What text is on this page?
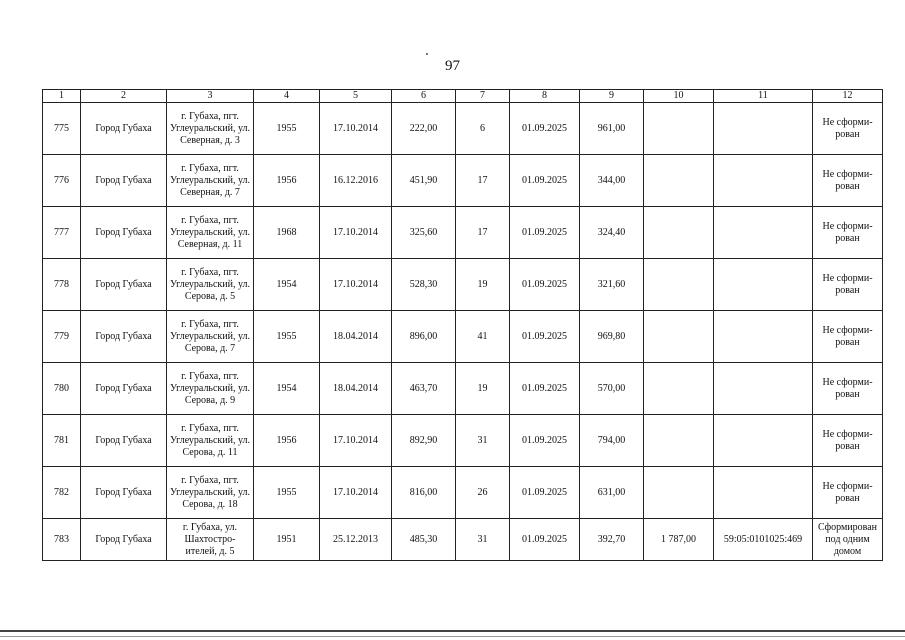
97
1	2	3	4	5	6	7	8	9	10	11	12
775	Город Губаха	г. Губаха, пгт. Углеуральский, ул. Северная, д. 3	1955	17.10.2014	222,00	6	01.09.2025	961,00			Не сформи-рован
776	Город Губаха	г. Губаха, пгт. Углеуральский, ул. Северная, д. 7	1956	16.12.2016	451,90	17	01.09.2025	344,00			Не сформи-рован
777	Город Губаха	г. Губаха, пгт. Углеуральский, ул. Северная, д. 11	1968	17.10.2014	325,60	17	01.09.2025	324,40			Не сформи-рован
778	Город Губаха	г. Губаха, пгт. Углеуральский, ул. Серова, д. 5	1954	17.10.2014	528,30	19	01.09.2025	321,60			Не сформи-рован
779	Город Губаха	г. Губаха, пгт. Углеуральский, ул. Серова, д. 7	1955	18.04.2014	896,00	41	01.09.2025	969,80			Не сформи-рован
780	Город Губаха	г. Губаха, пгт. Углеуральский, ул. Серова, д. 9	1954	18.04.2014	463,70	19	01.09.2025	570,00			Не сформи-рован
781	Город Губаха	г. Губаха, пгт. Углеуральский, ул. Серова, д. 11	1956	17.10.2014	892,90	31	01.09.2025	794,00			Не сформи-рован
782	Город Губаха	г. Губаха, пгт. Углеуральский, ул. Серова, д. 18	1955	17.10.2014	816,00	26	01.09.2025	631,00			Не сформи-рован
783	Город Губаха	г. Губаха, ул. Шахтостро-ителей, д. 5	1951	25.12.2013	485,30	31	01.09.2025	392,70	1 787,00	59:05:0101025:469	Сформирован под одним домом
